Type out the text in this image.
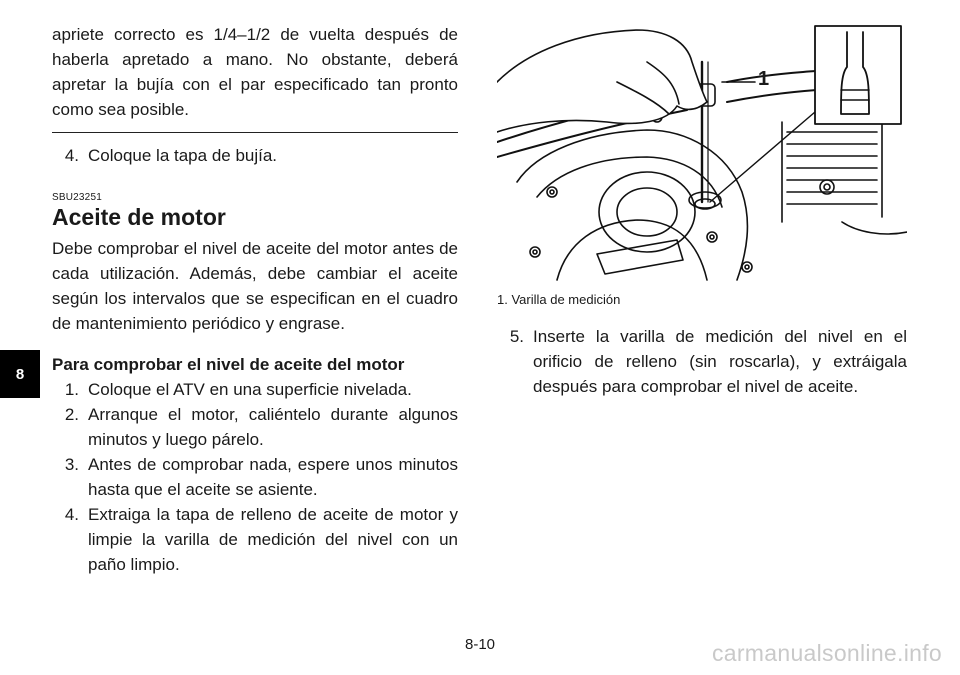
8

apriete correcto es 1/4–1/2 de vuelta después de haberla apretado a mano. No obstante, deberá apretar la bujía con el par especificado tan pronto como sea posible.

4. Coloque la tapa de bujía.
SBU23251
Aceite de motor

Debe comprobar el nivel de aceite del motor antes de cada utilización. Además, debe cambiar el aceite según los intervalos que se especifican en el cuadro de mantenimiento periódico y engrase.

Para comprobar el nivel de aceite del motor
1. Coloque el ATV en una superficie nivelada.
2. Arranque el motor, caliéntelo durante algunos minutos y luego párelo.
3. Antes de comprobar nada, espere unos minutos hasta que el aceite se asiente.
4. Extraiga la tapa de relleno de aceite de motor y limpie la varilla de medición del nivel con un paño limpio.
1
1. Varilla de medición
5. Inserte la varilla de medición del nivel en el orificio de relleno (sin roscarla), y extráigala después para comprobar el nivel de aceite.
8-10	carmanualsonline.info
